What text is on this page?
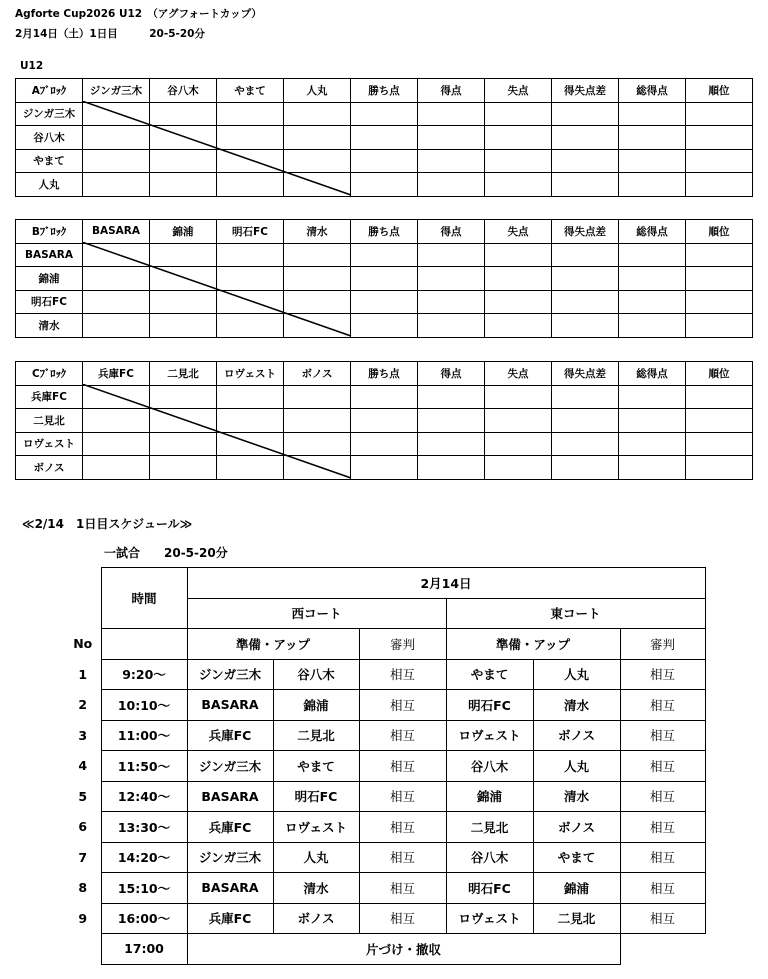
Agforte Cup2026 U12　（アグフォートカップ）
2月14日（土）1日目　　　20-5-20分
U12
Aﾌﾞﾛｯｸ	ジンガ三木	谷八木	やまて	人丸	勝ち点	得点	失点	得失点差	総得点	順位
ジンガ三木										
谷八木										
やまて										
人丸										
Bﾌﾞﾛｯｸ	BASARA	錦浦	明石FC	清水	勝ち点	得点	失点	得失点差	総得点	順位
BASARA										
錦浦										
明石FC										
清水										
Cﾌﾞﾛｯｸ	兵庫FC	二見北	ロヴェスト	ボノス	勝ち点	得点	失点	得失点差	総得点	順位
兵庫FC										
二見北										
ロヴェスト										
ボノス										
≪2/14　1日目スケジュール≫
一試合　　20-5-20分
	時間	2月14日					
		西コート			東コート		
No		準備・アップ		審判	準備・アップ		審判
1	9:20～	ジンガ三木	谷八木	相互	やまて	人丸	相互
2	10:10～	BASARA	錦浦	相互	明石FC	清水	相互
3	11:00～	兵庫FC	二見北	相互	ロヴェスト	ボノス	相互
4	11:50～	ジンガ三木	やまて	相互	谷八木	人丸	相互
5	12:40～	BASARA	明石FC	相互	錦浦	清水	相互
6	13:30～	兵庫FC	ロヴェスト	相互	二見北	ボノス	相互
7	14:20～	ジンガ三木	人丸	相互	谷八木	やまて	相互
8	15:10～	BASARA	清水	相互	明石FC	錦浦	相互
9	16:00～	兵庫FC	ボノス	相互	ロヴェスト	二見北	相互
	17:00	片づけ・撤収					
